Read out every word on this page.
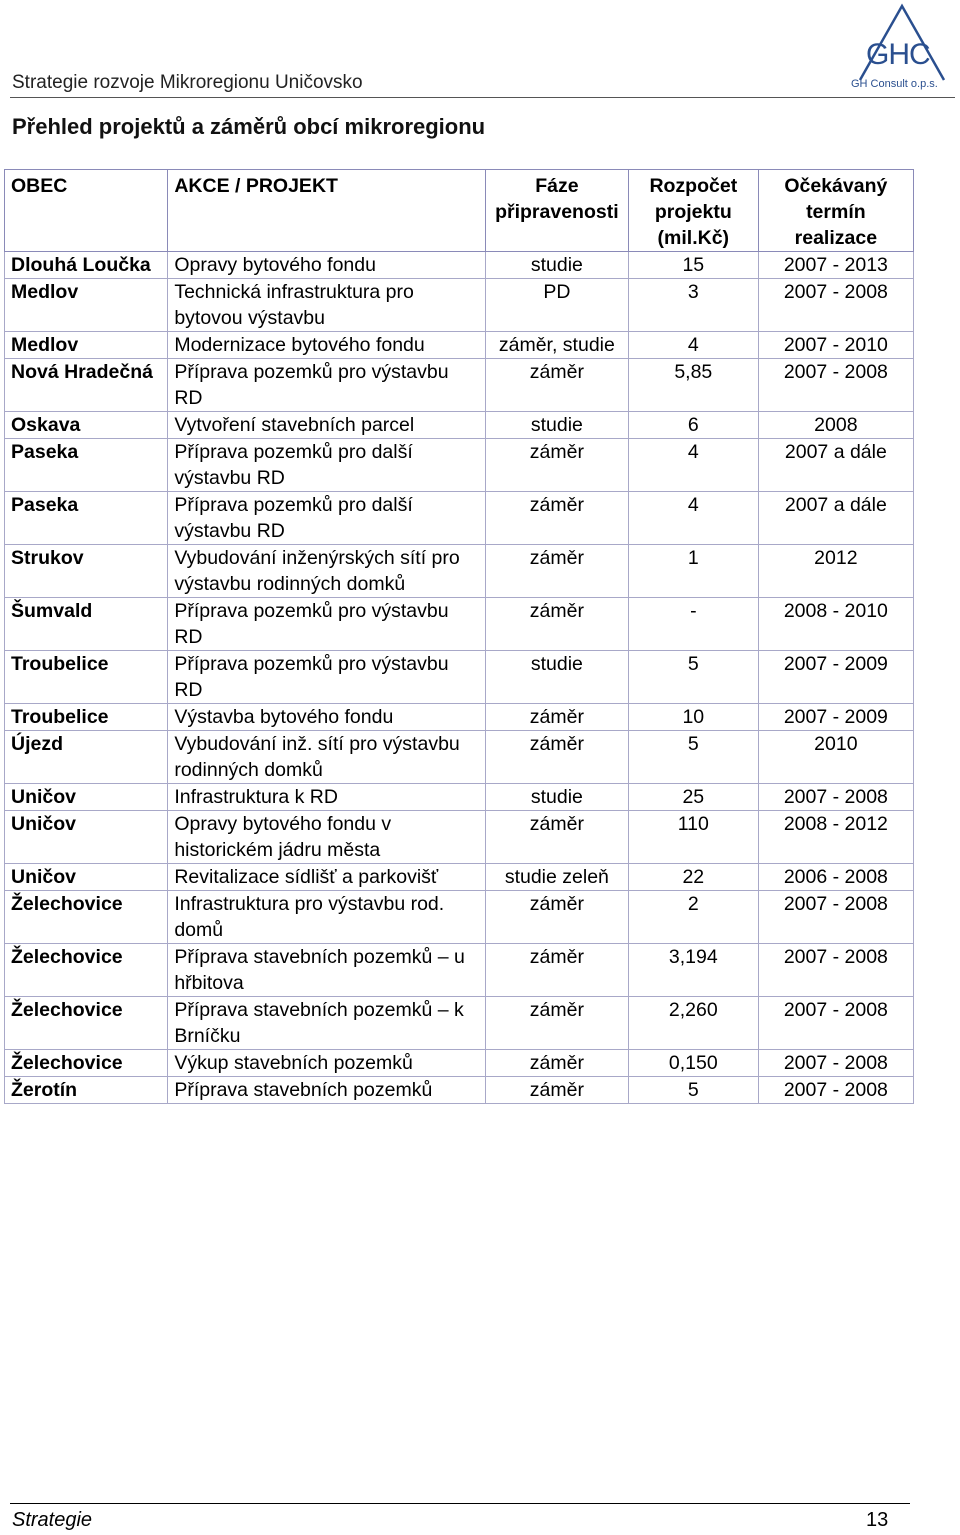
Strategie rozvoje Mikroregionu Uničovsko
GHC
GH Consult o.p.s.
Přehled projektů a záměrů obcí mikroregionu
OBEC	AKCE / PROJEKT	Fáze připravenosti	Rozpočet projektu (mil.Kč)	Očekávaný termín realizace
Dlouhá Loučka	Opravy bytového fondu	studie	15	2007 - 2013
Medlov	Technická infrastruktura pro bytovou výstavbu	PD	3	2007 - 2008
Medlov	Modernizace bytového fondu	záměr, studie	4	2007 - 2010
Nová Hradečná	Příprava pozemků pro výstavbu RD	záměr	5,85	2007 - 2008
Oskava	Vytvoření stavebních parcel	studie	6	2008
Paseka	Příprava pozemků pro další výstavbu RD	záměr	4	2007 a dále
Paseka	Příprava pozemků pro další výstavbu RD	záměr	4	2007 a dále
Strukov	Vybudování inženýrských sítí pro výstavbu rodinných domků	záměr	1	2012
Šumvald	Příprava pozemků pro výstavbu RD	záměr	-	2008 - 2010
Troubelice	Příprava pozemků pro výstavbu RD	studie	5	2007 - 2009
Troubelice	Výstavba bytového fondu	záměr	10	2007 - 2009
Újezd	Vybudování inž. sítí pro výstavbu rodinných domků	záměr	5	2010
Uničov	Infrastruktura k RD	studie	25	2007 - 2008
Uničov	Opravy bytového fondu v historickém jádru města	záměr	110	2008 - 2012
Uničov	Revitalizace sídlišť a parkovišť	studie zeleň	22	2006 - 2008
Želechovice	Infrastruktura pro výstavbu rod. domů	záměr	2	2007 - 2008
Želechovice	Příprava stavebních pozemků – u hřbitova	záměr	3,194	2007 - 2008
Želechovice	Příprava stavebních pozemků – k Brníčku	záměr	2,260	2007 - 2008
Želechovice	Výkup stavebních pozemků	záměr	0,150	2007 - 2008
Žerotín	Příprava stavebních pozemků	záměr	5	2007 - 2008
Strategie	13
